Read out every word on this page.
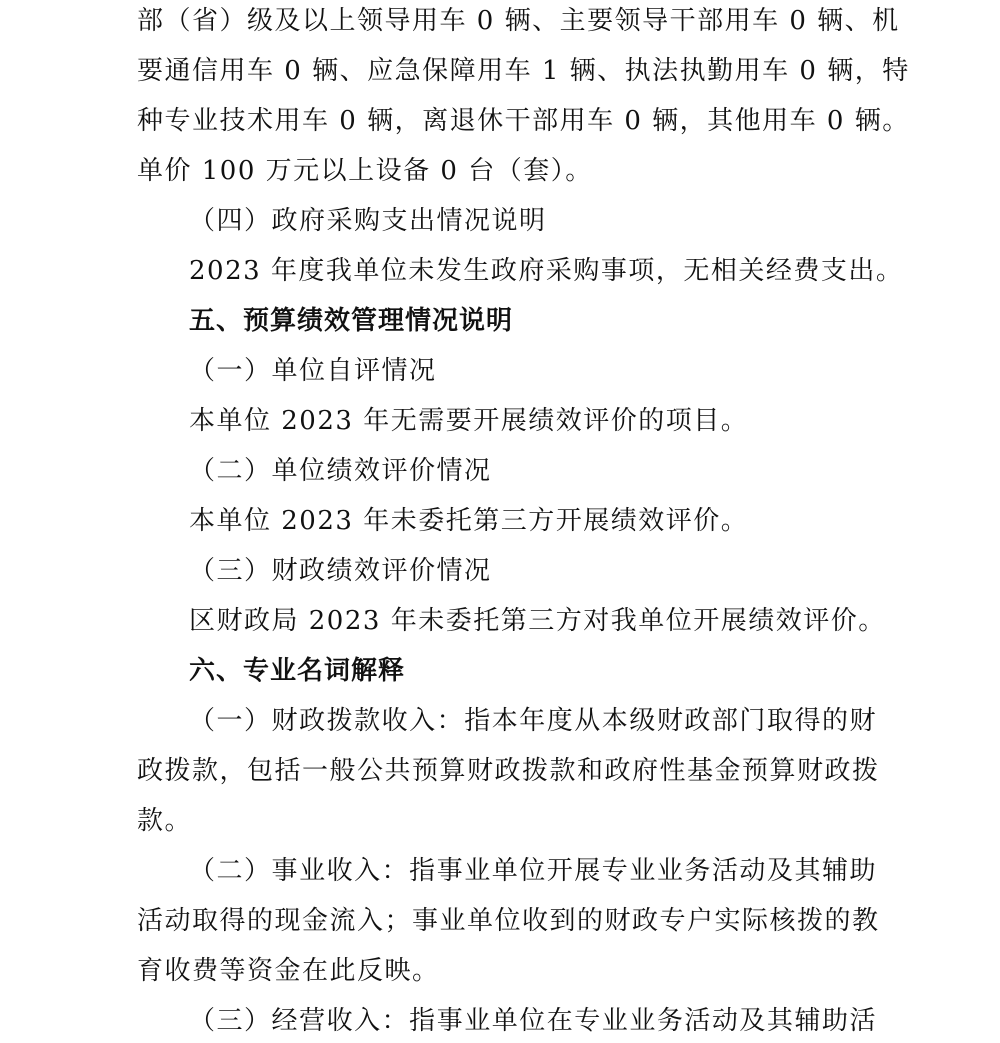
部（省）级及以上领导用车 0 辆、主要领导干部用车 0 辆、机
要通信用车 0 辆、应急保障用车 1 辆、执法执勤用车 0 辆，特
种专业技术用车 0 辆，离退休干部用车 0 辆，其他用车 0 辆。
单价 100 万元以上设备 0 台（套）。
（四）政府采购支出情况说明
2023 年度我单位未发生政府采购事项，无相关经费支出。
五、预算绩效管理情况说明
（一）单位自评情况
本单位 2023 年无需要开展绩效评价的项目。
（二）单位绩效评价情况
本单位 2023 年未委托第三方开展绩效评价。
（三）财政绩效评价情况
区财政局 2023 年未委托第三方对我单位开展绩效评价。
六、专业名词解释
（一）财政拨款收入：指本年度从本级财政部门取得的财
政拨款，包括一般公共预算财政拨款和政府性基金预算财政拨
款。
（二）事业收入：指事业单位开展专业业务活动及其辅助
活动取得的现金流入；事业单位收到的财政专户实际核拨的教
育收费等资金在此反映。
（三）经营收入：指事业单位在专业业务活动及其辅助活
